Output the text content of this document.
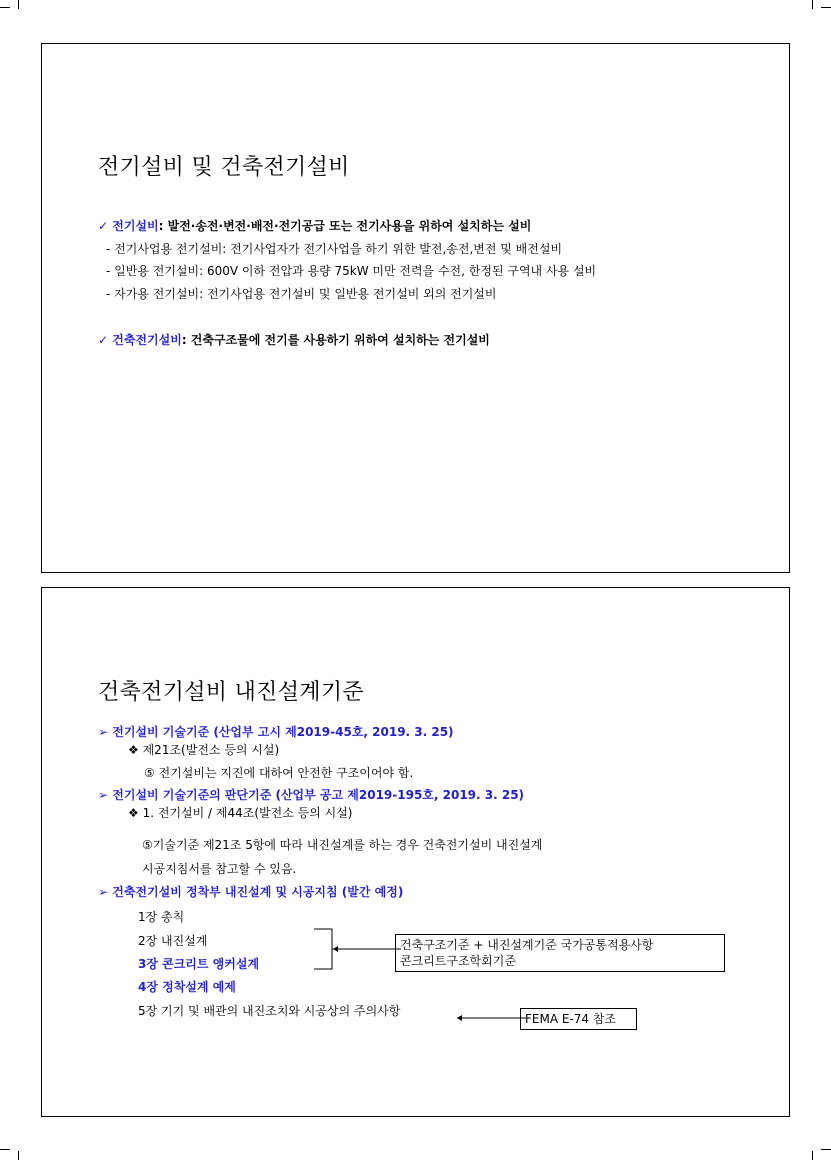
전기설비 및 건축전기설비
✓ 전기설비: 발전·송전·변전·배전·전기공급 또는 전기사용을 위하여 설치하는 설비
- 전기사업용 전기설비: 전기사업자가 전기사업을 하기 위한 발전,송전,변전 및 배전설비
- 일반용 전기설비: 600V 이하 전압과 용량 75kW 미만 전력을 수전, 한정된 구역내 사용 설비
- 자가용 전기설비: 전기사업용 전기설비 및 일반용 전기설비 외의 전기설비
✓ 건축전기설비: 건축구조물에 전기를 사용하기 위하여 설치하는 전기설비
건축전기설비 내진설계기준
➢ 전기설비 기술기준 (산업부 고시 제2019-45호, 2019. 3. 25)
❖ 제21조(발전소 등의 시설)
⑤ 전기설비는 지진에 대하여 안전한 구조이어야 함.
➢ 전기설비 기술기준의 판단기준 (산업부 공고 제2019-195호, 2019. 3. 25)
❖ 1. 전기설비 / 제44조(발전소 등의 시설)
⑤기술기준 제21조 5항에 따라 내진설계를 하는 경우 건축전기설비 내진설계
시공지침서를 참고할 수 있음.
➢ 건축전기설비 정착부 내진설계 및 시공지침 (발간 예정)
1장 총칙
2장 내진설계
3장 콘크리트 앵커설계
4장 정착설계 예제
5장 기기 및 배관의 내진조치와 시공상의 주의사항
건축구조기준 + 내진설계기준 국가공통적용사항
콘크리트구조학회기준
FEMA E-74 참조
